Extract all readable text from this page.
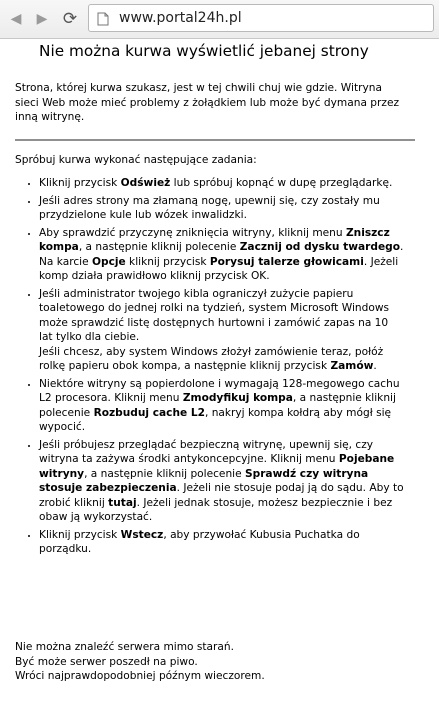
◀	▶ ⟳	www.portal24h.pl
Nie można kurwa wyświetlić jebanej strony
Strona, której kurwa szukasz, jest w tej chwili chuj wie gdzie. Witryna sieci Web może mieć problemy z żołądkiem lub może być dymana przez inną witrynę.
Spróbuj kurwa wykonać następujące zadania:
• Kliknij przycisk Odśwież lub spróbuj kopnąć w dupę przeglądarkę.
• Jeśli adres strony ma złamaną nogę, upewnij się, czy zostały mu przydzielone kule lub wózek inwalidzki.
• Aby sprawdzić przyczynę zniknięcia witryny, kliknij menu Zniszcz kompa, a następnie kliknij polecenie Zacznij od dysku twardego. Na karcie Opcje kliknij przycisk Porysuj talerze głowicami. Jeżeli komp działa prawidłowo kliknij przycisk OK.
• Jeśli administrator twojego kibla ograniczył zużycie papieru toaletowego do jednej rolki na tydzień, system Microsoft Windows może sprawdzić listę dostępnych hurtowni i zamówić zapas na 10 lat tylko dla ciebie.
Jeśli chcesz, aby system Windows złożył zamówienie teraz, połóż rolkę papieru obok kompa, a następnie kliknij przycisk Zamów.
• Niektóre witryny są popierdolone i wymagają 128-megowego cachu L2 procesora. Kliknij menu Zmodyfikuj kompa, a następnie kliknij polecenie Rozbuduj cache L2, nakryj kompa kołdrą aby mógł się wypocić.
• Jeśli próbujesz przeglądać bezpieczną witrynę, upewnij się, czy witryna ta zażywa środki antykoncepcyjne. Kliknij menu Pojebane witryny, a następnie kliknij polecenie Sprawdź czy witryna stosuje zabezpieczenia. Jeżeli nie stosuje podaj ją do sądu. Aby to zrobić kliknij tutaj. Jeżeli jednak stosuje, możesz bezpiecznie i bez obaw ją wykorzystać.
• Kliknij przycisk Wstecz, aby przywołać Kubusia Puchatka do porządku.
Nie można znaleźć serwera mimo starań.
Być może serwer poszedł na piwo.
Wróci najprawdopodobniej późnym wieczorem.
